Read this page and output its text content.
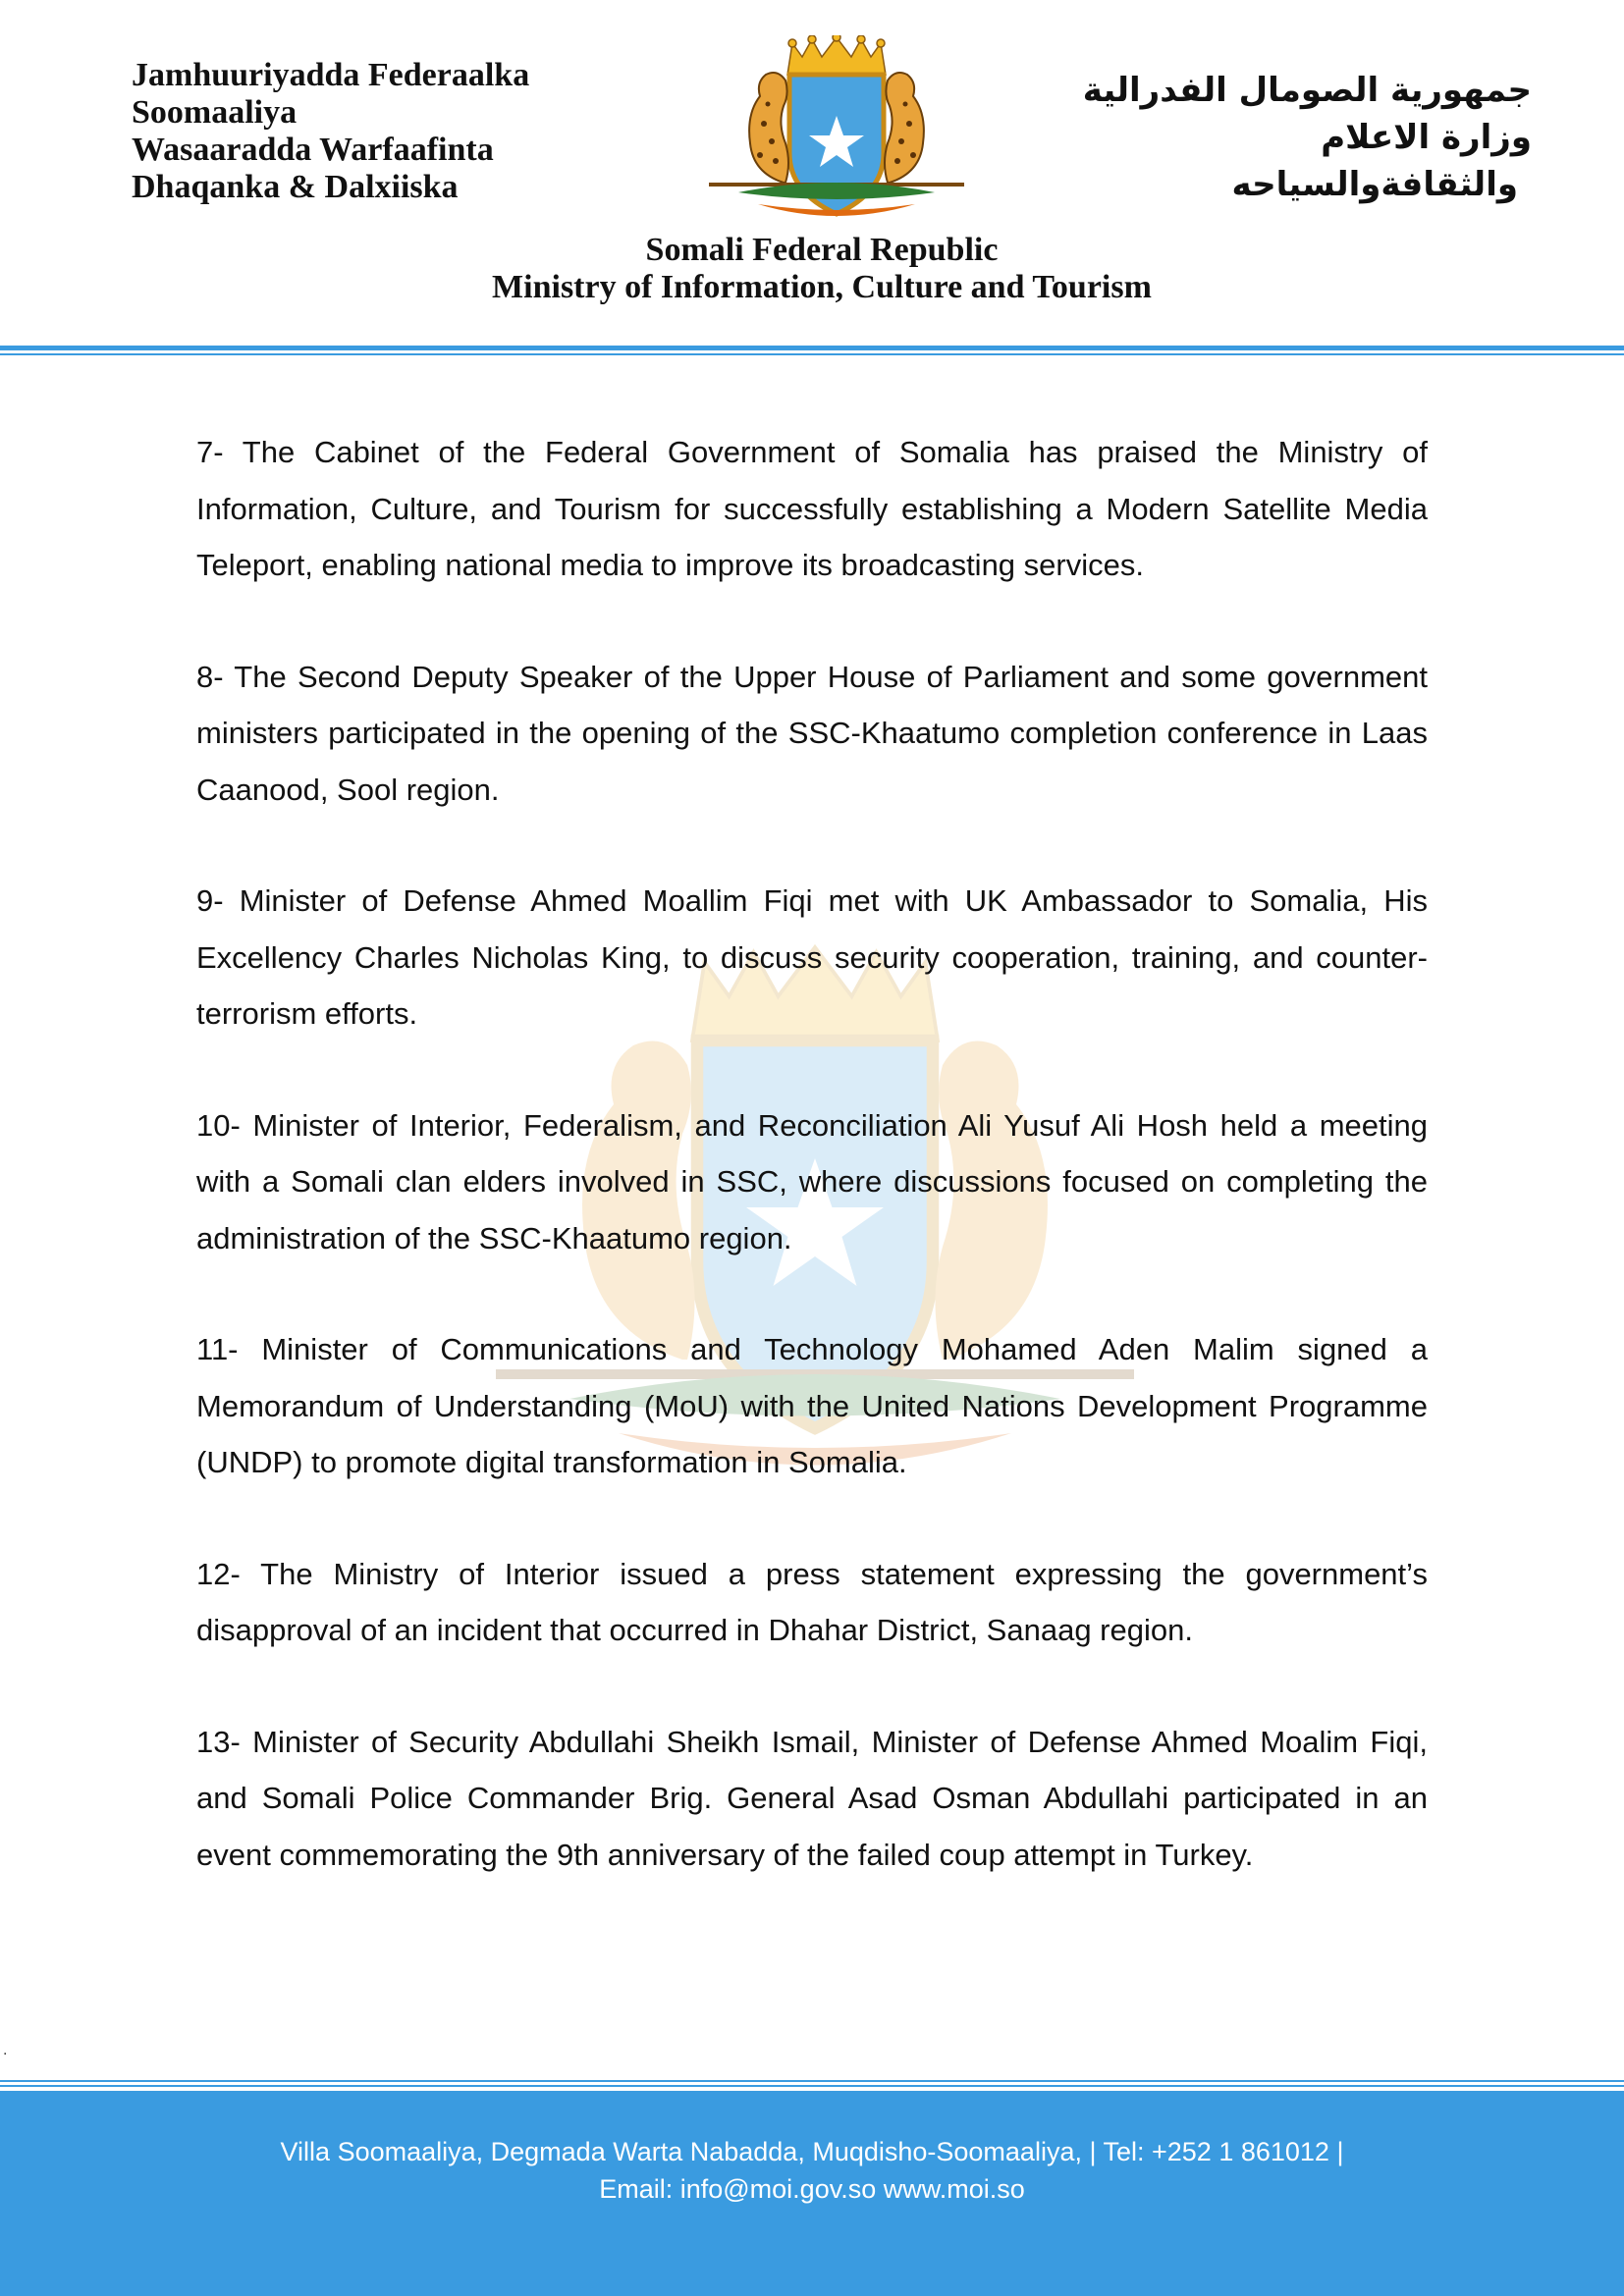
Jamhuuriyadda Federaalka
Soomaaliya
Wasaaradda Warfaafinta
Dhaqanka & Dalxiiska
جمهورية الصومال الفدرالية
وزارة الاعلام
والثقافةوالسياحه
Somali Federal Republic
Ministry of Information, Culture and Tourism

7- The Cabinet of the Federal Government of Somalia has praised the Ministry of Information, Culture, and Tourism for successfully establishing a Modern Satellite Media Teleport, enabling national media to improve its broadcasting services.

8- The Second Deputy Speaker of the Upper House of Parliament and some government ministers participated in the opening of the SSC-Khaatumo completion conference in Laas Caanood, Sool region.

9- Minister of Defense Ahmed Moallim Fiqi met with UK Ambassador to Somalia, His Excellency Charles Nicholas King, to discuss security cooperation, training, and counter-terrorism efforts.

10- Minister of Interior, Federalism, and Reconciliation Ali Yusuf Ali Hosh held a meeting with a Somali clan elders involved in SSC, where discussions focused on completing the administration of the SSC-Khaatumo region.

11- Minister of Communications and Technology Mohamed Aden Malim signed a Memorandum of Understanding (MoU) with the United Nations Development Programme (UNDP) to promote digital transformation in Somalia.

12- The Ministry of Interior issued a press statement expressing the government’s disapproval of an incident that occurred in Dhahar District, Sanaag region.

13- Minister of Security Abdullahi Sheikh Ismail, Minister of Defense Ahmed Moalim Fiqi, and Somali Police Commander Brig. General Asad Osman Abdullahi participated in an event commemorating the 9th anniversary of the failed coup attempt in Turkey.

.
Villa Soomaaliya, Degmada Warta Nabadda, Muqdisho-Soomaaliya, | Tel: +252 1 861012 |
Email: info@moi.gov.so www.moi.so
